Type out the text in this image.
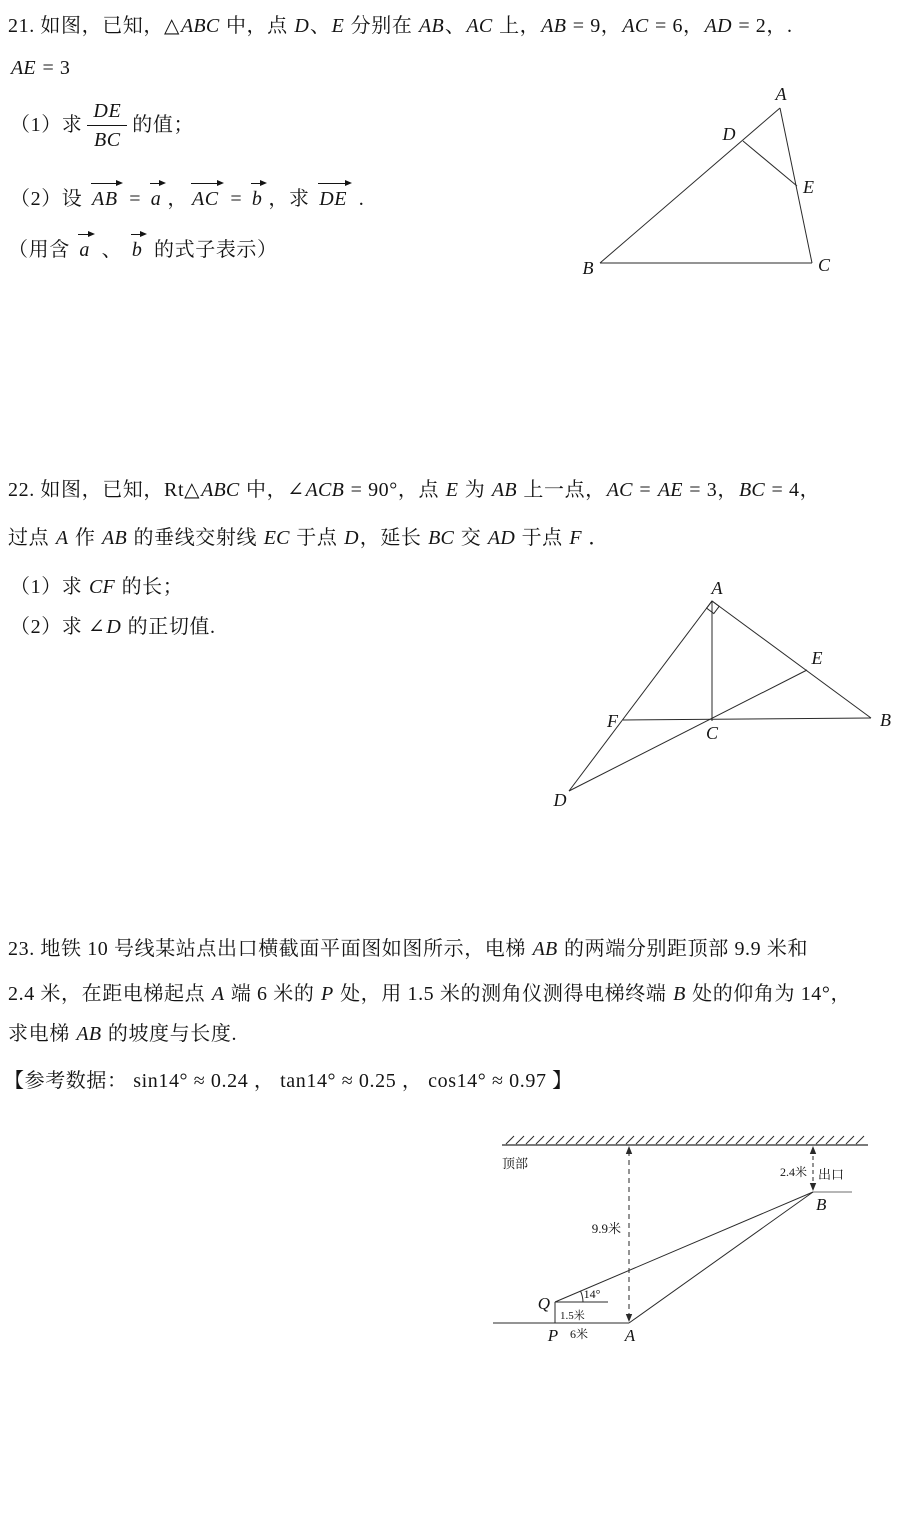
21. 如图，已知，△ABC 中，点 D、E 分别在 AB、AC 上，AB = 9，AC = 6，AD = 2，.
AE = 3
（1）求 $\frac{DE}{BC}$ 的值；
（2）设 AB = a ， AC = b ，求 DE .
（用含 a 、 b 的式子表示）
A
D
E
B	C
22. 如图，已知，Rt△ABC 中，∠ACB = 90°，点 E 为 AB 上一点，AC = AE = 3，BC = 4，
过点 A 作 AB 的垂线交射线 EC 于点 D，延长 BC 交 AD 于点 F ．
（1）求 CF 的长；
（2）求 ∠D 的正切值.
A
E
B
F
C
D
23. 地铁 10 号线某站点出口横截面平面图如图所示，电梯 AB 的两端分别距顶部 9.9 米和
2.4 米，在距电梯起点 A 端 6 米的 P 处，用 1.5 米的测角仪测得电梯终端 B 处的仰角为 14°，
求电梯 AB 的坡度与长度.
【参考数据： sin14° ≈ 0.24 ， tan14° ≈ 0.25 ， cos14° ≈ 0.97 】
顶部
9.9米
2.4米 出口
B
14°
Q
1.5米
P 6米 A
